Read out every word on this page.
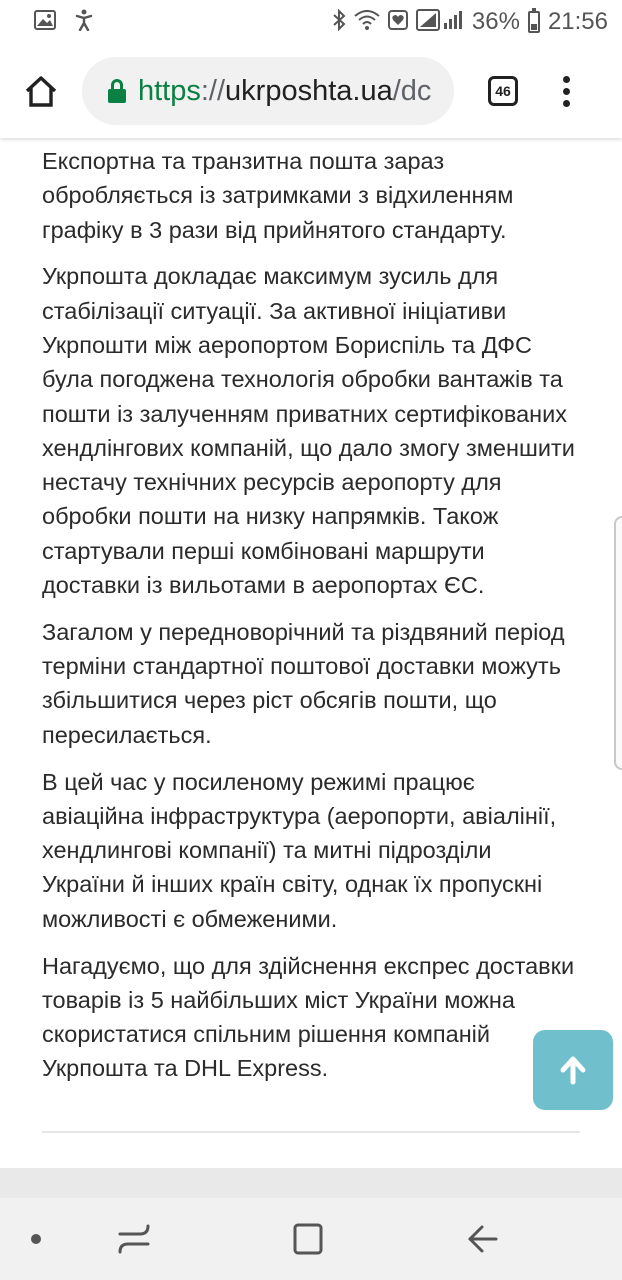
36% 21:56
https://ukrposhta.ua/dc	46

Експортна та транзитна пошта зараз обробляється із затримками з відхиленням графіку в 3 рази від прийнятого стандарту.

Укрпошта докладає максимум зусиль для стабілізації ситуації. За активної ініціативи Укрпошти між аеропортом Бориспіль та ДФС була погоджена технологія обробки вантажів та пошти із залученням приватних сертифікованих хендлінгових компаній, що дало змогу зменшити нестачу технічних ресурсів аеропорту для обробки пошти на низку напрямків. Також стартували перші комбіновані маршрути доставки із вильотами в аеропортах ЄС.

Загалом у передноворічний та різдвяний період терміни стандартної поштової доставки можуть збільшитися через ріст обсягів пошти, що пересилається.

В цей час у посиленому режимі працює авіаційна інфраструктура (аеропорти, авіалінії, хендлингові компанії) та митні підрозділи України й інших країн світу, однак їх пропускні можливості є обмеженими.

Нагадуємо, що для здійснення експрес доставки товарів із 5 найбільших міст України можна скористатися спільним рішення компаній Укрпошта та DHL Express.
